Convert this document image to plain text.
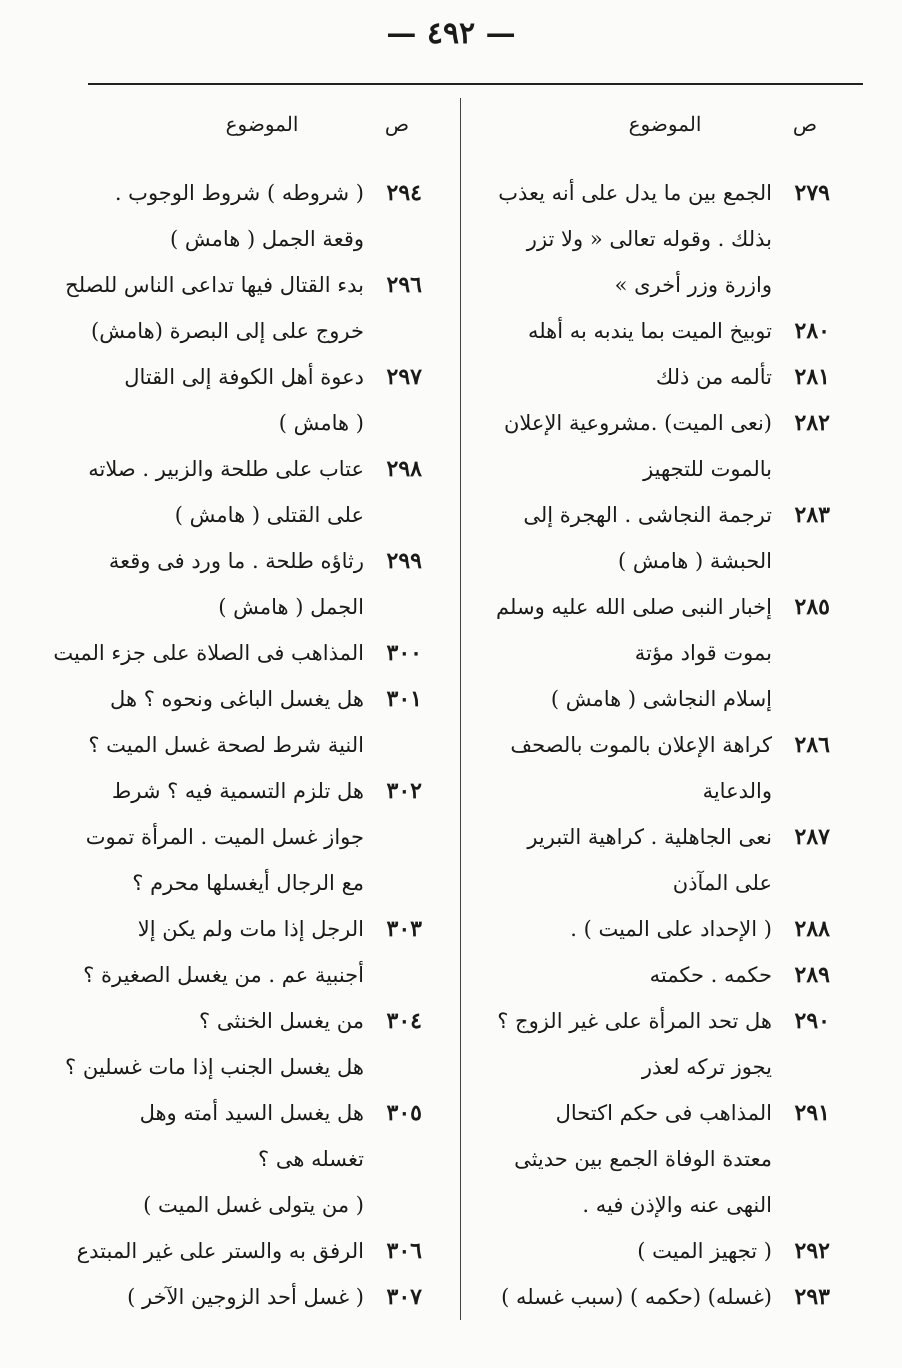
— ٤٩٢ —
ص
الموضوع
٢٧٩
الجمع بين ما يدل على أنه يعذب
بذلك . وقوله تعالى « ولا تزر
وازرة وزر أخرى »
٢٨٠
توبيخ الميت بما يندبه به أهله
٢٨١
تألمه من ذلك
٢٨٢
(نعى الميت) .مشروعية الإعلان
بالموت للتجهيز
٢٨٣
ترجمة النجاشى . الهجرة إلى
الحبشة ( هامش )
٢٨٥
إخبار النبى صلى الله عليه وسلم
بموت قواد مؤتة
إسلام النجاشى ( هامش )
٢٨٦
كراهة الإعلان بالموت بالصحف
والدعاية
٢٨٧
نعى الجاهلية . كراهية التبرير
على المآذن
٢٨٨
( الإحداد على الميت ) .
٢٨٩
حكمه . حكمته
٢٩٠
هل تحد المرأة على غير الزوج ؟
يجوز تركه لعذر
٢٩١
المذاهب فى حكم اكتحال
معتدة الوفاة الجمع بين حديثى
النهى عنه والإذن فيه .
٢٩٢
( تجهيز الميت )
٢٩٣
(غسله) (حكمه ) (سبب غسله )
ص
الموضوع
٢٩٤
( شروطه ) شروط الوجوب .
وقعة الجمل ( هامش )
٢٩٦
بدء القتال فيها تداعى الناس للصلح
خروج على إلى البصرة (هامش)
٢٩٧
دعوة أهل الكوفة إلى القتال
( هامش )
٢٩٨
عتاب على طلحة والزبير . صلاته
على القتلى ( هامش )
٢٩٩
رثاؤه طلحة . ما ورد فى وقعة
الجمل ( هامش )
٣٠٠
المذاهب فى الصلاة على جزء الميت
٣٠١
هل يغسل الباغى ونحوه ؟ هل
النية شرط لصحة غسل الميت ؟
٣٠٢
هل تلزم التسمية فيه ؟ شرط
جواز غسل الميت . المرأة تموت
مع الرجال أيغسلها محرم ؟
٣٠٣
الرجل إذا مات ولم يكن إلا
أجنبية عم . من يغسل الصغيرة ؟
٣٠٤
من يغسل الخنثى ؟
هل يغسل الجنب إذا مات غسلين ؟
٣٠٥
هل يغسل السيد أمته وهل
تغسله هى ؟
( من يتولى غسل الميت )
٣٠٦
الرفق به والستر على غير المبتدع
٣٠٧
( غسل أحد الزوجين الآخر )
